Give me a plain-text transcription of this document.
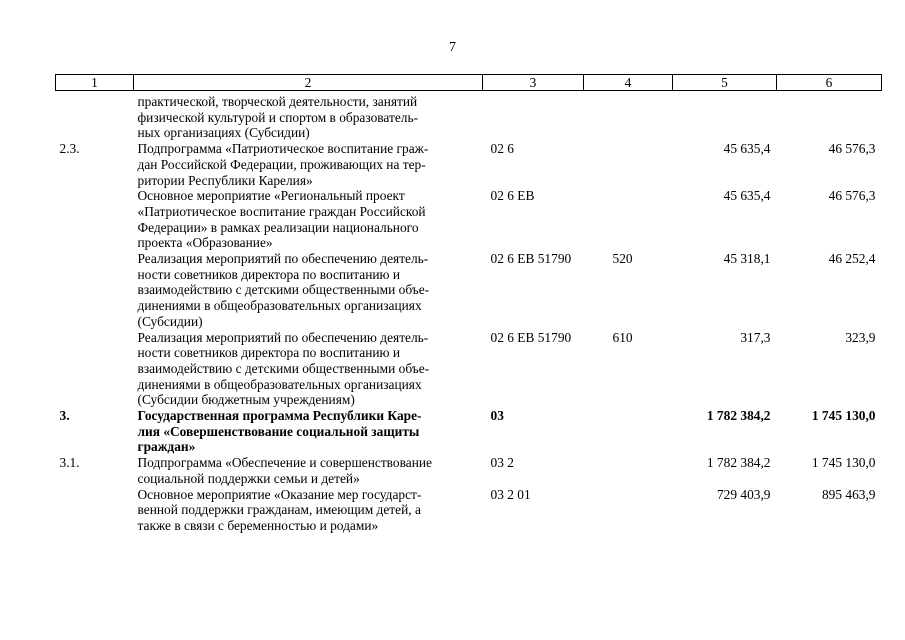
7
1	2	3	4	5	6

	практической, творческой деятельности, занятий
физической культурой и спортом в образователь-
ных организациях (Субсидии)				

2.3.	Подпрограмма «Патриотическое воспитание граж-
дан Российской Федерации, проживающих на тер-
ритории Республики Карелия»	02 6		45 635,4	46 576,3

	Основное мероприятие «Региональный проект
«Патриотическое воспитание граждан Российской
Федерации» в рамках реализации национального
проекта «Образование»	02 6 ЕВ		45 635,4	46 576,3

	Реализация мероприятий по обеспечению деятель-
ности советников директора по воспитанию и
взаимодействию с детскими общественными объе-
динениями в общеобразовательных организациях
(Субсидии)	02 6 ЕВ 51790	520	45 318,1	46 252,4

	Реализация мероприятий по обеспечению деятель-
ности советников директора по воспитанию и
взаимодействию с детскими общественными объе-
динениями в общеобразовательных организациях
(Субсидии бюджетным учреждениям)	02 6 ЕВ 51790	610	317,3	323,9
3.	Государственная программа Республики Каре-
лия «Совершенствование социальной защиты
граждан»	03		1 782 384,2	1 745 130,0
3.1.	Подпрограмма «Обеспечение и совершенствование
социальной поддержки семьи и детей»	03 2		1 782 384,2	1 745 130,0

	Основное мероприятие «Оказание мер государст-
венной поддержки гражданам, имеющим детей, а
также в связи с беременностью и родами»	03 2 01		729 403,9	895 463,9
